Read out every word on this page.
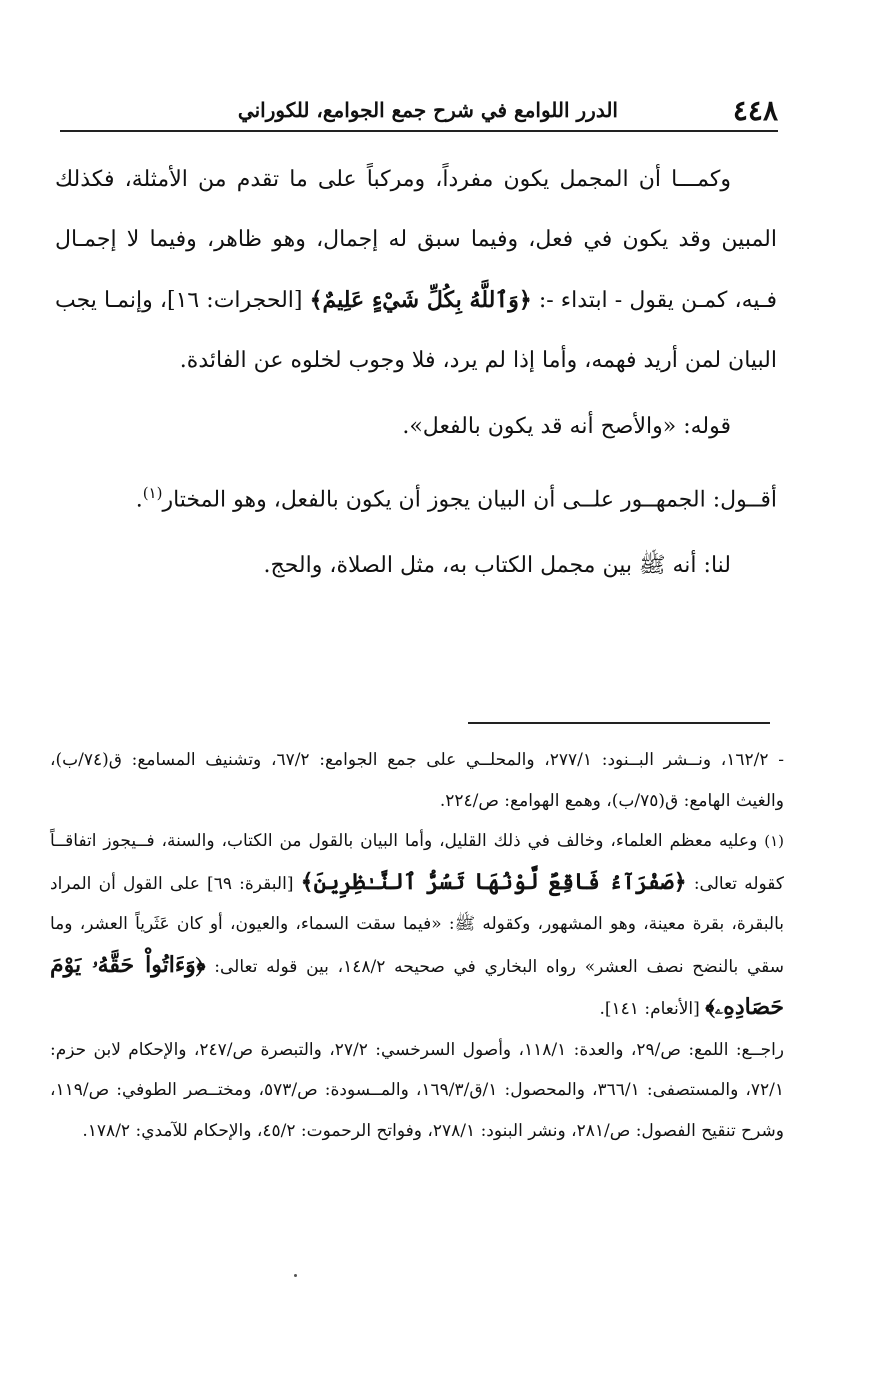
٤٤٨
الدرر اللوامع في شرح جمع الجوامع، للكوراني

وكمـــا أن المجمل يكون مفرداً، ومركباً على ما تقدم من الأمثلة، فكذلك المبين وقد يكون في فعل، وفيما سبق له إجمال، وهو ظاهر، وفيما لا إجمـال فـيه، كمـن يقول - ابتداء -: ﴿وَٱللَّهُ بِكُلِّ شَيْءٍ عَلِيمٌ﴾ [الحجرات: ١٦]، وإنمـا يجب البيان لمن أريد فهمه، وأما إذا لم يرد، فلا وجوب لخلوه عن الفائدة.

قوله: «والأصح أنه قد يكون بالفعل».

أقــول: الجمهــور علــى أن البيان يجوز أن يكون بالفعل، وهو المختار$^{(١)}$.

لنا: أنه ﷺ بين مجمل الكتاب به، مثل الصلاة، والحج.

- ١٦٢/٢، ونــشر البــنود: ٢٧٧/١، والمحلــي على جمع الجوامع: ٦٧/٢، وتشنيف المسامع: ق(٧٤/ب)، والغيث الهامع: ق(٧٥/ب)، وهمع الهوامع: ص/٢٢٤.

(١) وعليه معظم العلماء، وخالف في ذلك القليل، وأما البيان بالقول من الكتاب، والسنة، فــيجوز اتفاقــاً كقوله تعالى: ﴿صَفْرَآءُ فَاقِعٌ لَّوْنُهَا تَسُرُّ ٱلنَّـٰظِرِينَ﴾ [البقرة: ٦٩] على القول أن المراد بالبقرة، بقرة معينة، وهو المشهور، وكقوله ﷺ: «فيما سقت السماء، والعيون، أو كان عَثَرياً العشر، وما سقي بالنضح نصف العشر» رواه البخاري في صحيحه ١٤٨/٢، بين قوله تعالى: ﴿وَءَاتُواْ حَقَّهُۥ يَوْمَ حَصَادِهِۦ﴾ [الأنعام: ١٤١].

راجــع: اللمع: ص/٢٩، والعدة: ١١٨/١، وأصول السرخسي: ٢٧/٢، والتبصرة ص/٢٤٧، والإحكام لابن حزم: ٧٢/١، والمستصفى: ٣٦٦/١، والمحصول: ١/ق/١٦٩/٣، والمــسودة: ص/٥٧٣، ومختــصر الطوفي: ص/١١٩، وشرح تنقيح الفصول: ص/٢٨١، ونشر البنود: ٢٧٨/١، وفواتح الرحموت: ٤٥/٢، والإحكام للآمدي: ١٧٨/٢.
